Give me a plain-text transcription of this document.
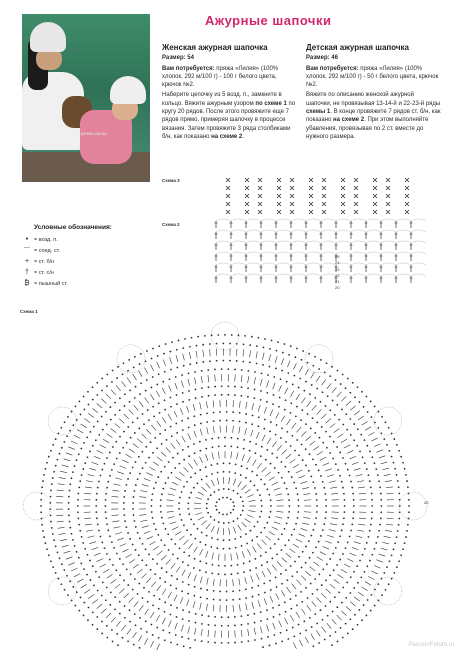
Ажурные шапочки
ПАНЦИРЕВА ШАПКА
Женская ажурная шапочка
Размер: 54

Вам потребуется: пряжа «Лилия» (100% хлопок, 292 м/100 г) - 100 г белого цвета, крючок №2.

Наберите цепочку из 5 возд. п., замкните в кольцо. Вяжите ажурным узором по схеме 1 по кругу 20 рядов. После этого провяжите еще 7 рядов прямо, примеряя шапочку в процессе вязания. Затем провяжите 3 ряда столбиками б/н, как показано на схеме 2.

Детская ажурная шапочка
Размер: 46

Вам потребуется: пряжа «Лилия» (100% хлопок, 292 м/100 г) - 50 г белого цвета, крючок №2.

Вяжите по описанию женской ажурной шапочки, не провязывая 13-14-й и 22-23-й ряды схемы 1. В конце провяжите 7 рядов ст. б/н, как показано на схеме 2. При этом выполняйте убавления, провязывая по 2 ст. вместе до нужного размера.

Схема 3
Схема 2
25
24
23
22
21
20
Условные обозначения:
•	= возд. п.
⌒ = соед. ст.
+ = ст. б/н
† = ст. с/н
₿ = пышный ст.
Схема 1
20
PassionForum.ru
